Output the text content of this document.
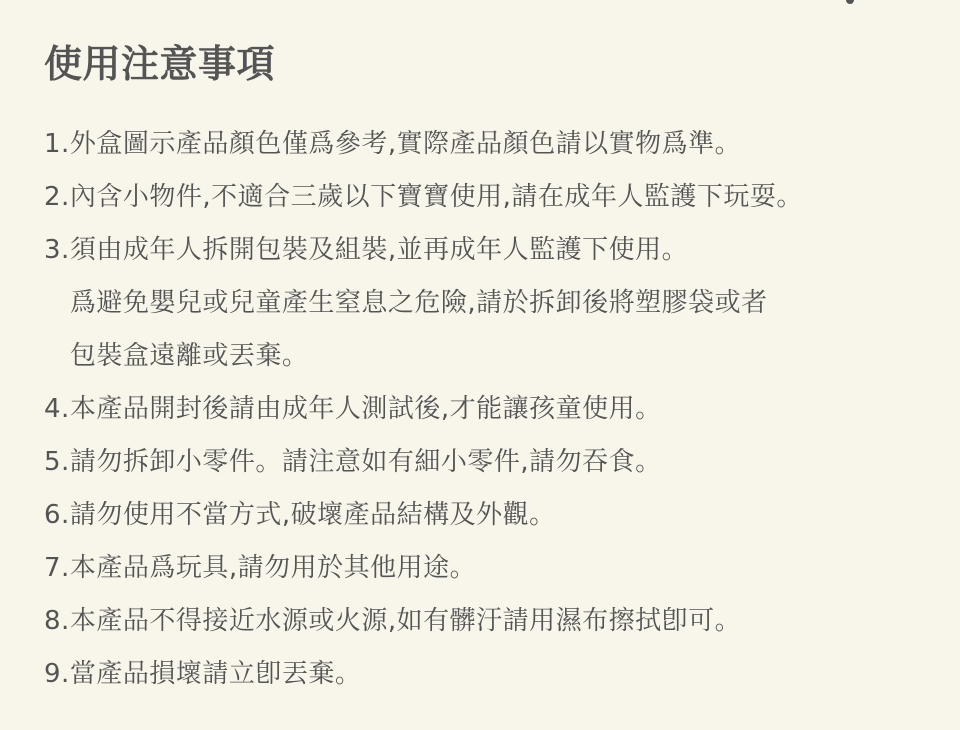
使用注意事項
1. 外盒圖示產品顏色僅爲參考,實際產品顏色請以實物爲準。
2. 內含小物件,不適合三歲以下寶寶使用,請在成年人監護下玩耍。
3. 須由成年人拆開包裝及組裝,並再成年人監護下使用。
爲避免嬰兒或兒童產生窒息之危險,請於拆卸後將塑膠袋或者
包裝盒遠離或丟棄。
4. 本產品開封後請由成年人測試後,才能讓孩童使用。
5. 請勿拆卸小零件。請注意如有細小零件,請勿吞食。
6. 請勿使用不當方式,破壞產品結構及外觀。
7. 本產品爲玩具,請勿用於其他用途。
8. 本產品不得接近水源或火源,如有髒汙請用濕布擦拭卽可。
9. 當產品損壞請立卽丟棄。
